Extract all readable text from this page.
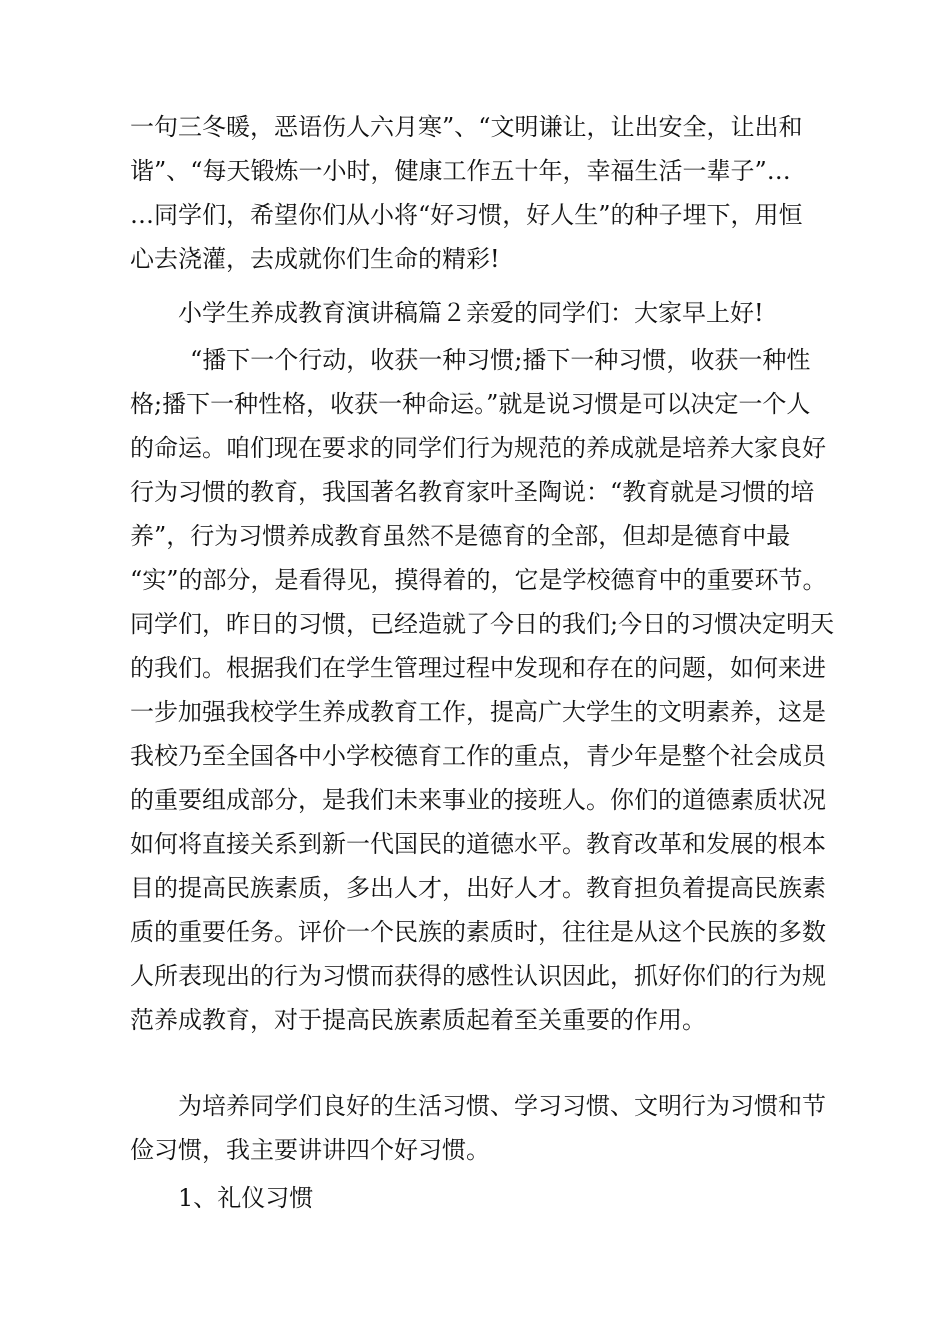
一句三冬暖，恶语伤人六月寒”、“文明谦让，让出安全，让出和
谐”、“每天锻炼一小时，健康工作五十年，幸福生活一辈子”…
…同学们，希望你们从小将“好习惯，好人生”的种子埋下，用恒
心去浇灌，去成就你们生命的精彩!
小学生养成教育演讲稿篇２亲爱的同学们：大家早上好!
“播下一个行动，收获一种习惯;播下一种习惯，收获一种性
格;播下一种性格，收获一种命运。”就是说习惯是可以决定一个人
的命运。咱们现在要求的同学们行为规范的养成就是培养大家良好
行为习惯的教育，我国著名教育家叶圣陶说：“教育就是习惯的培
养”，行为习惯养成教育虽然不是德育的全部，但却是德育中最
“实”的部分，是看得见，摸得着的，它是学校德育中的重要环节。
同学们，昨日的习惯，已经造就了今日的我们;今日的习惯决定明天
的我们。根据我们在学生管理过程中发现和存在的问题，如何来进
一步加强我校学生养成教育工作，提高广大学生的文明素养，这是
我校乃至全国各中小学校德育工作的重点，青少年是整个社会成员
的重要组成部分，是我们未来事业的接班人。你们的道德素质状况
如何将直接关系到新一代国民的道德水平。教育改革和发展的根本
目的提高民族素质，多出人才，出好人才。教育担负着提高民族素
质的重要任务。评价一个民族的素质时，往往是从这个民族的多数
人所表现出的行为习惯而获得的感性认识因此，抓好你们的行为规
范养成教育，对于提高民族素质起着至关重要的作用。
为培养同学们良好的生活习惯、学习习惯、文明行为习惯和节
俭习惯，我主要讲讲四个好习惯。
1、礼仪习惯
